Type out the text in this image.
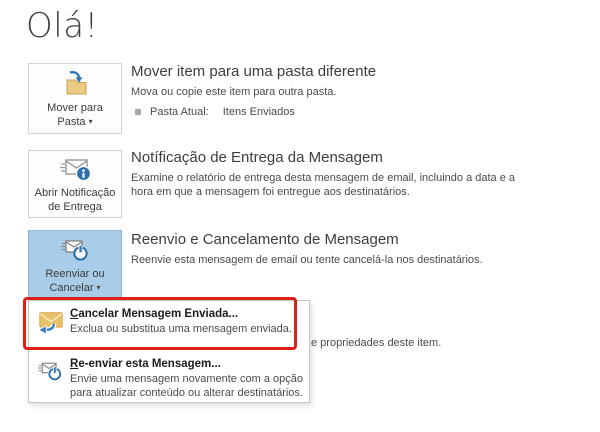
Olá!
Mover para
Pasta ▾
Mover item para uma pasta diferente
Mova ou copie este item para outra pasta.
Pasta Atual: Itens Enviados
Abrir Notificação
de Entrega
Notíficação de Entrega da Mensagem
Examine o relatório de entrega desta mensagem de email, incluindo a data e a
hora em que a mensagem foi entregue aos destinatários.
Reenviar ou
Cancelar ▾
Reenvio e Cancelamento de Mensagem
Reenvie esta mensagem de email ou tente cancelá-la nos destinatários.
e propriedades deste item.
Cancelar Mensagem Enviada...
Exclua ou substitua uma mensagem enviada.
Re-enviar esta Mensagem...
Envie uma mensagem novamente com a opção
para atualizar conteúdo ou alterar destinatários.
